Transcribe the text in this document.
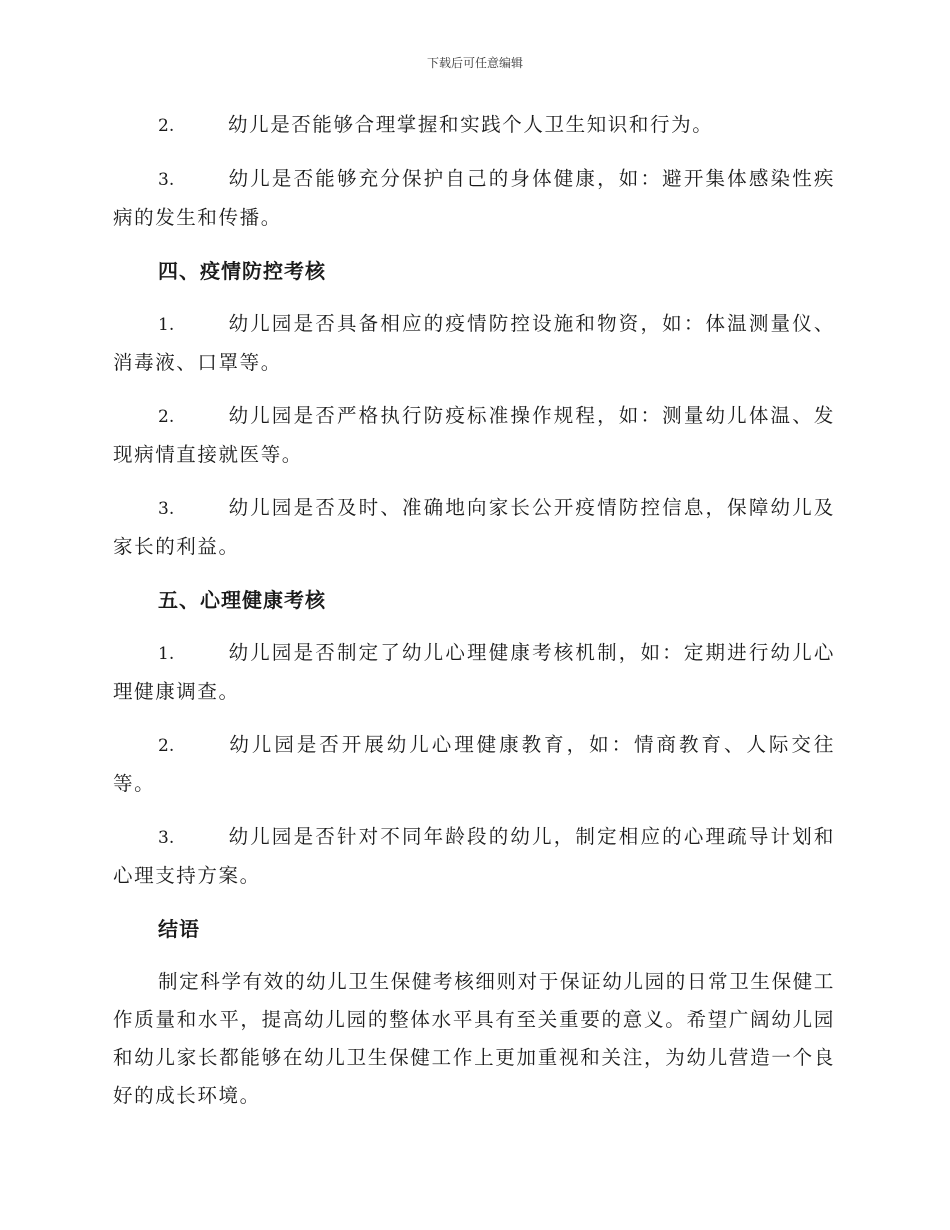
下载后可任意编辑

2.	幼儿是否能够合理掌握和实践个人卫生知识和行为。

3.	幼儿是否能够充分保护自己的身体健康，如：避开集体感染性疾病的发生和传播。

四、疫情防控考核

1.	幼儿园是否具备相应的疫情防控设施和物资，如：体温测量仪、消毒液、口罩等。

2.	幼儿园是否严格执行防疫标准操作规程，如：测量幼儿体温、发现病情直接就医等。

3.	幼儿园是否及时、准确地向家长公开疫情防控信息，保障幼儿及家长的利益。

五、心理健康考核

1.	幼儿园是否制定了幼儿心理健康考核机制，如：定期进行幼儿心理健康调查。

2.	幼儿园是否开展幼儿心理健康教育，如：情商教育、人际交往等。

3.	幼儿园是否针对不同年龄段的幼儿，制定相应的心理疏导计划和心理支持方案。

结语

制定科学有效的幼儿卫生保健考核细则对于保证幼儿园的日常卫生保健工作质量和水平，提高幼儿园的整体水平具有至关重要的意义。希望广阔幼儿园和幼儿家长都能够在幼儿卫生保健工作上更加重视和关注，为幼儿营造一个良好的成长环境。
